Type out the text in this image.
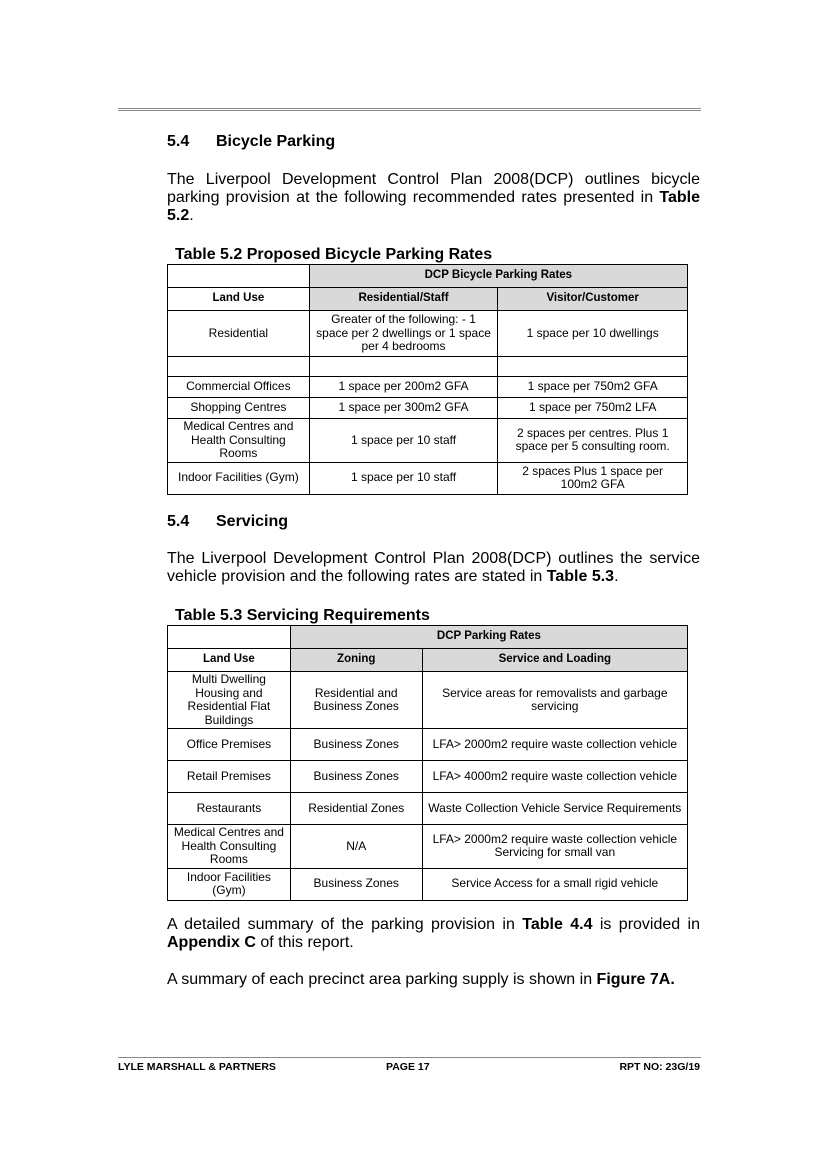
5.4 Bicycle Parking

The Liverpool Development Control Plan 2008(DCP) outlines bicycle parking provision at the following recommended rates presented in Table 5.2.

Table 5.2 Proposed Bicycle Parking Rates
	DCP Bicycle Parking Rates	
Land Use	Residential/Staff	Visitor/Customer
Residential	Greater of the following: - 1 space per 2 dwellings or 1 space per 4 bedrooms	1 space per 10 dwellings

Commercial Offices	1 space per 200m2 GFA	1 space per 750m2 GFA
Shopping Centres	1 space per 300m2 GFA	1 space per 750m2 LFA
Medical Centres and Health Consulting Rooms	1 space per 10 staff	2 spaces per centres. Plus 1 space per 5 consulting room.
Indoor Facilities (Gym)	1 space per 10 staff	2 spaces Plus 1 space per 100m2 GFA
5.4 Servicing

The Liverpool Development Control Plan 2008(DCP) outlines the service vehicle provision and the following rates are stated in Table 5.3.

Table 5.3 Servicing Requirements
	DCP Parking Rates	
Land Use	Zoning	Service and Loading
Multi Dwelling Housing and Residential Flat Buildings	Residential and Business Zones	Service areas for removalists and garbage servicing
Office Premises	Business Zones	LFA> 2000m2 require waste collection vehicle
Retail Premises	Business Zones	LFA> 4000m2 require waste collection vehicle
Restaurants	Residential Zones	Waste Collection Vehicle Service Requirements
Medical Centres and Health Consulting Rooms	N/A	LFA> 2000m2 require waste collection vehicle Servicing for small van
Indoor Facilities (Gym)	Business Zones	Service Access for a small rigid vehicle

A detailed summary of the parking provision in Table 4.4 is provided in Appendix C of this report.

A summary of each precinct area parking supply is shown in Figure 7A.

LYLE MARSHALL & PARTNERS	PAGE 17	RPT NO: 23G/19
